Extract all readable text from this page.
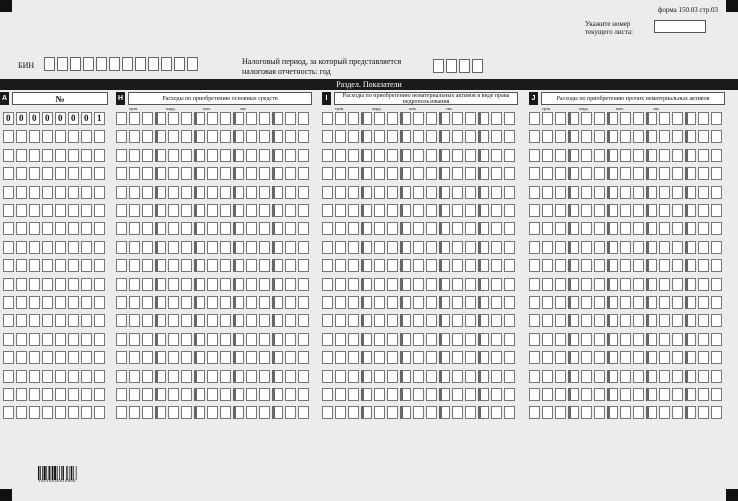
форма 150.03 стр.03
Укажите номер текущего листа:
БИН	Налоговый период, за который представляется
налоговая отчетность: год
Раздел. Показатели
A	№	H	Расходы по приобретению основных средств	I	Расходы по приобретению нематериальных активов в виде права недропользования	J	Расходы по приобретению прочих нематериальных активов
трлн.	млрд.	млн.	тыс.	трлн.	млрд.	млн.	тыс.	трлн.	млрд.	млн.	тыс.
0 0 0 0 0 0 0 1
15015035010006
